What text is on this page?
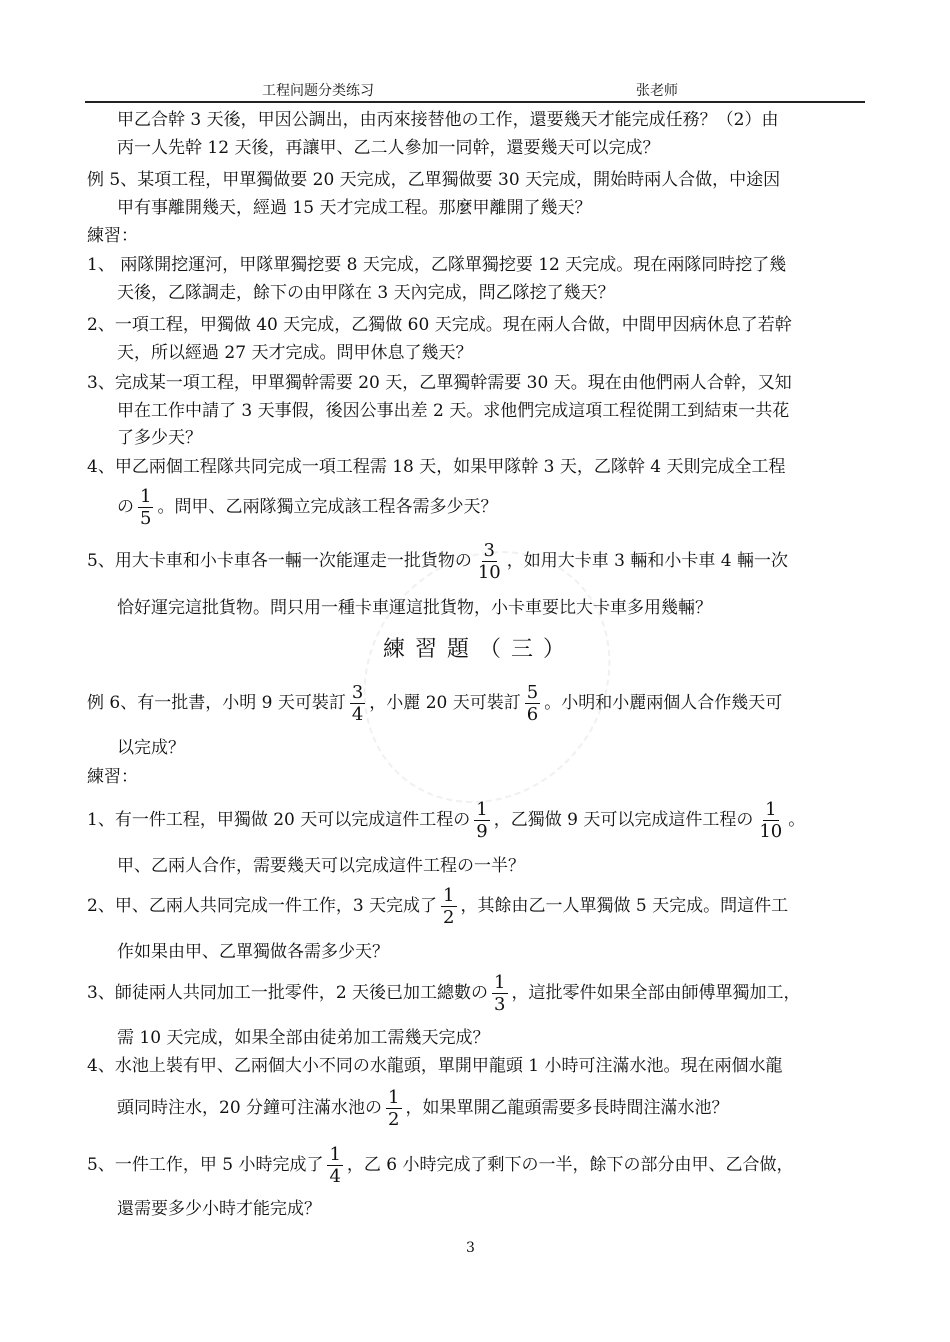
工程问题分类练习	张老师
甲乙合幹 3 天後，甲因公調出，由丙來接替他の工作，還要幾天才能完成任務？（2）由
丙一人先幹 12 天後，再讓甲、乙二人參加一同幹，還要幾天可以完成？
例 5、某項工程，甲單獨做要 20 天完成，乙單獨做要 30 天完成，開始時兩人合做，中途因
甲有事離開幾天，經過 15 天才完成工程。那麼甲離開了幾天？
練習：
1、 兩隊開挖運河，甲隊單獨挖要 8 天完成，乙隊單獨挖要 12 天完成。現在兩隊同時挖了幾
天後，乙隊調走，餘下の由甲隊在 3 天內完成，問乙隊挖了幾天？
2、一項工程，甲獨做 40 天完成，乙獨做 60 天完成。現在兩人合做，中間甲因病休息了若幹
天，所以經過 27 天才完成。問甲休息了幾天？
3、完成某一項工程，甲單獨幹需要 20 天，乙單獨幹需要 30 天。現在由他們兩人合幹，又知
甲在工作中請了 3 天事假，後因公事出差 2 天。求他們完成這項工程從開工到結束一共花
了多少天？
4、甲乙兩個工程隊共同完成一項工程需 18 天，如果甲隊幹 3 天，乙隊幹 4 天則完成全工程
の $\frac{1}{5}$ 。問甲、乙兩隊獨立完成該工程各需多少天？
5、用大卡車和小卡車各一輛一次能運走一批貨物の $\frac{3}{10}$ ，如用大卡車 3 輛和小卡車 4 輛一次
恰好運完這批貨物。問只用一種卡車運這批貨物，小卡車要比大卡車多用幾輛？
練習題（三）
例 6、有一批書，小明 9 天可裝訂 $\frac{3}{4}$ ，小麗 20 天可裝訂 $\frac{5}{6}$ 。小明和小麗兩個人合作幾天可
以完成？
練習：
1、有一件工程，甲獨做 20 天可以完成這件工程の $\frac{1}{9}$ ，乙獨做 9 天可以完成這件工程の $\frac{1}{10}$ 。
甲、乙兩人合作，需要幾天可以完成這件工程の一半？
2、甲、乙兩人共同完成一件工作，3 天完成了 $\frac{1}{2}$ ，其餘由乙一人單獨做 5 天完成。問這件工
作如果由甲、乙單獨做各需多少天？
3、師徒兩人共同加工一批零件，2 天後已加工總數の $\frac{1}{3}$ ，這批零件如果全部由師傅單獨加工，
需 10 天完成，如果全部由徒弟加工需幾天完成？
4、水池上裝有甲、乙兩個大小不同の水龍頭，單開甲龍頭 1 小時可注滿水池。現在兩個水龍
頭同時注水，20 分鐘可注滿水池の $\frac{1}{2}$ ，如果單開乙龍頭需要多長時間注滿水池？
5、一件工作，甲 5 小時完成了 $\frac{1}{4}$ ，乙 6 小時完成了剩下の一半，餘下の部分由甲、乙合做，
還需要多少小時才能完成？
3
